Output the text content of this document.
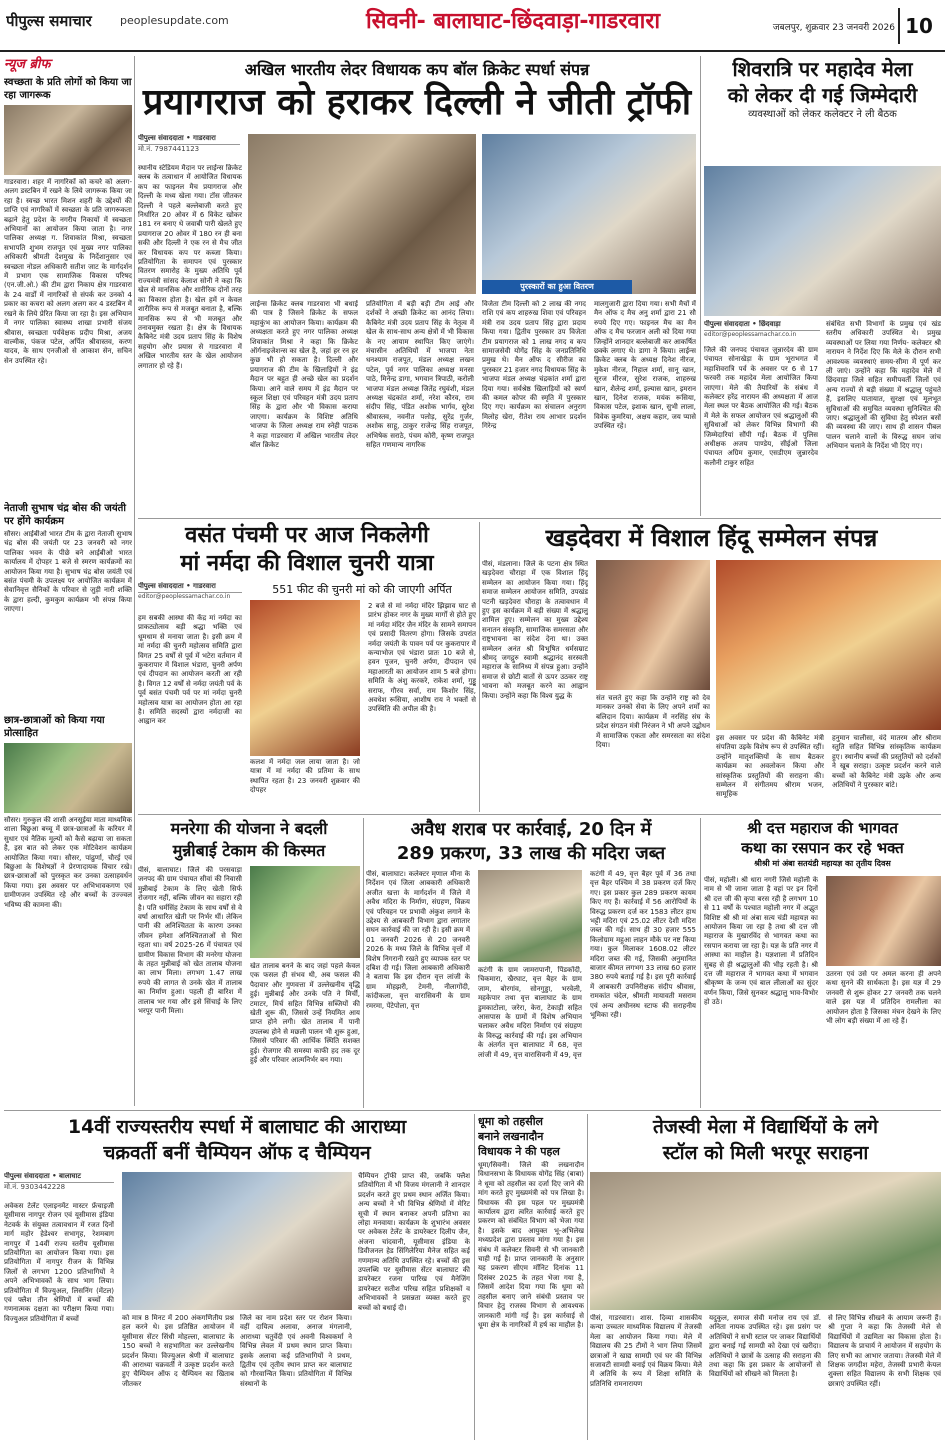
पीपुल्स समाचार	peoplesupdate.com	सिवनी- बालाघाट-छिंदवाड़ा-गाडरवारा	जबलपुर, शुक्रवार 23 जनवरी 2026 10
न्यूज ब्रीफ
स्वच्छता के प्रति लोगों को किया जा रहा जागरूक
गाडरवारा। शहर में नागरिकों को कचरे को अलग-अलग डस्टबिन में रखने के लिये जागरूक किया जा रहा है। स्वच्छ भारत मिशन शहरी के उद्देश्यों की प्राप्ति एवं नागरिकों में स्वच्छता के प्रति जागरूकता बढ़ाने हेतु प्रदेश के नगरीय निकायों में स्वच्छता अभियानों का आयोजन किया जाता है। नगर पालिका अध्यक्ष ग. शिवाकांत मिश्रा, स्वच्छता सभापति शुभम राजपूत एवं मुख्य नगर पालिका अधिकारी श्रीमती देशमुख के निर्देशानुसार एवं स्वच्छता नोडल अधिकारी सतीश जाट के मार्गदर्शन में प्रभाग एक सामाजिक विकास परिषद (एन.जी.ओ.) की टीम द्वारा निकाय क्षेत्र गाडरवारा के 24 वार्डों में नागरिकों से संपर्क कर उनको 4 प्रकार का कचरा को अलग अलग कर 4 डस्टबिन में रखने के लिये प्रेरित किया जा रहा है। इस अभियान में नगर पालिका स्वास्थ्य शाखा प्रभारी संजय श्रीवास, स्वच्छता पर्यवेक्षक प्रदीप मिश्रा, अजय वाल्मीक, पंकज पटेल, अर्पित श्रीवास्तव, करण यादव, के साथ एनजीओ से आकाश सेन, सचिन सेन उपस्थित रहे।
नेताजी सुभाष चंद्र बोस की जयंती पर होंगे कार्यक्रम
सौसर। आईबीओ भारत टीम के द्वारा नेताजी सुभाष चंद्र बोस की जयंती पर 23 जनवरी को नगर पालिका भवन के पीछे बने आईबीओ भारत कार्यालय में दोपहर 1 बजे से स्मरण कार्यक्रमों का आयोजन किया गया है। सुभाष चंद्र बोस जयंती एवं बसंत पंचमी के उपलक्ष्य पर आयोजित कार्यक्रम में सेवानिवृत्त सैनिकों के परिवार से जुड़ी नारी शक्ति के द्वारा हल्दी, कुमकुम कार्यक्रम भी संपन्न किया जाएगा।
छात्र-छात्राओं को किया गया प्रोत्साहित
सौसर। गुरुकुल की शासी अनसूईया माता माध्यमिक शाला बिछुआ बच्चू में छात्र-छात्राओं के करियर में सुधार एवं नैतिक मूल्यों को कैसे बढ़ाया जा सकता है, इस बात को लेकर एक मोटिवेशन कार्यक्रम आयोजित किया गया। सौसर, पांढुर्णा, चौरई एवं बिछुआ के विशेषज्ञों ने प्रेरणादायक विचार रखे। छात्र-छात्राओं को पुरस्कृत कर उनका उत्साहवर्धन किया गया। इस अवसर पर अभिभावकगण एवं ग्रामीणजन उपस्थित रहे और बच्चों के उज्ज्वल भविष्य की कामना की।
अखिल भारतीय लेदर विधायक कप बॉल क्रिकेट स्पर्धा संपन्न
प्रयागराज को हराकर दिल्ली ने जीती ट्रॉफी
पीपुल्स संवाददाता • गाडरवारा
मो.नं. 7987441123
पुरस्कारों का हुआ वितरण
स्थानीय स्टेडियम मैदान पर लाईन्स क्रिकेट क्लब के तत्वाधान में आयोजित विधायक कप का फाइनल मैच प्रयागराज और दिल्ली के मध्य खेला गया। टॉस जीतकर दिल्ली ने पहले बल्लेबाजी करते हुए निर्धारित 20 ओवर में 6 विकेट खोकर 181 रन बनाए थे जवाबी पारी खेलते हुए प्रयागराज 20 ओवर में 180 रन ही बना सकी और दिल्ली ने एक रन से मैच जीत कर विधायक कप पर कब्जा किया। प्रतियोगिता के समापन एवं पुरस्कार वितरण समारोह के मुख्य अतिथि पूर्व राज्यमंत्री सांसद केलाश सोनी ने कहा कि खेल से मानसिक और शारीरिक दोनों तरह का विकास होता है। खेल हमें न केवल शारीरिक रूप से मजबूत बनाता है, बल्कि मानसिक रूप से भी मजबूत और तनावमुक्त रखता है। क्षेत्र के विधायक कैबिनेट मंत्री उदय प्रताप सिंह के विशेष सहयोग और प्रयास से गाडरवारा में अखिल भारतीय स्तर के खेल आयोजन लगातार हो रहे हैं।
लाईन्स क्रिकेट क्लब गाडरवारा भी बधाई की पात्र है जिसने क्रिकेट के सफल महाकुंभ का आयोजन किया। कार्यक्रम की अध्यक्षता करते हुए नगर पालिका अध्यक्ष शिवाकांत मिश्रा ने कहा कि क्रिकेट ऑर्गनाइजेशन्स का खेल है, जहां हर रन हर कुछ भी हो सकता है। दिल्ली और प्रयागराज की टीम के खिलाड़ियों ने इंद्र मैदान पर बहुत ही अच्छे खेल का प्रदर्शन किया। आने वाले समय में इंद्र मैदान पर स्कूल शिक्षा एवं परिवहन मंत्री उदय प्रताप सिंह के द्वारा और भी विकास कराया जाएगा। कार्यक्रम के विशिष्ट अतिथि भाजपा के जिला अध्यक्ष राम स्नेही पाठक ने कहा गाडरवारा में अखिल भारतीय लेदर बॉल क्रिकेट
प्रतियोगिता में बड़ी बड़ी टीम आई और दर्शकों ने अच्छी क्रिकेट का आनंद लिया। कैबिनेट मंत्री उदय प्रताप सिंह के नेतृत्व में खेल के साथ-साथ अन्य क्षेत्रों में भी विकास के नए आयाम स्थापित किए जाएंगे। मंचासीन अतिथियों में भाजपा नेता धनश्याम राजपूत, मंडल अध्यक्ष लखन पटेल, पूर्व नगर पालिका अध्यक्ष मनसा पाठे, मिनेन्द्र डागा, भगवान त्रिपाठी, करोली भाजपा मंडल अध्यक्ष जितेंद्र रघुवंशी, मंडल अध्यक्ष चंद्रकांत शर्मा, नरेश कौरव, राम संदीप सिंह, पंडित अशोक भार्गव, सुरेश श्रीवास्तव, नवनीत पलोड़, सुरेंद्र गुर्जर, अशोक साहू, ठाकुर राजेन्द्र सिंह राजपूत, अभिषेक सराठे, पंचम कोरी, कृष्ण राजपूत सहित गणमान्य नागरिक
विजेता टीम दिल्ली को 2 लाख की नगद राशि एवं कप शाहरुख शिवा एवं परिवहन मंत्री राव उदय प्रताप सिंह द्वारा प्रदाय किया गया। द्वितीय पुरस्कार उप विजेता टीम प्रयागराज को 1 लाख नगद व कप सामाजसेवी योगेंद्र सिंह के जनप्रतिनिधि प्रमुख थे। मैन ऑफ द सीरीज का पुरस्कार 21 हजार नगद विधायक सिंह के भाजपा मंडल अध्यक्ष चंद्रकांत शर्मा द्वारा दिया गया। सर्वश्रेष्ठ खिलाड़ियों को स्वर्ण की कमल कोपर की स्मृति में पुरस्कार दिए गए। कार्यक्रम का संचालन अनुराग मिलोह खेरा, रीतेश राय आभार प्रदर्शन गिरेन्द्र
मालगुजारी द्वारा दिया गया। सभी मैचों में मैन ऑफ द मैच अनु शर्मा द्वारा 21 सौ रुपये दिए गए। फाइनल मैच का मैन ऑफ द मैच फरजान अली को दिया गया जिन्होंने शानदार बल्लेबाजी कर आकर्षित छक्के लगाए थे। डागा ने किया। लाईन्स क्रिकेट क्लब के अध्यक्ष दिनेश नीरज, मुकेश नीरज, निहाल शर्मा, सानू खान, सूरज मीरज, सुरेश राजक, शाहरुख खान, शैलेन्द्र शर्मा, इल्यास खान, इमरान खान, दिनेश राजक, मयंक रूसिया, विकास पटेल, इशाक खान, सुभी लाला, विवेक कुमरिया, अक्षय कहार, जय प्यासे उपस्थित रहे।
शिवरात्रि पर महादेव मेला
को लेकर दी गई जिम्मेदारी
व्यवस्थाओं को लेकर कलेक्टर ने ली बैठक
पीपुल्स संवाददाता • छिंदवाड़ा
editor@peoplessamachar.co.in
जिले की जनपद पंचायत जुन्नारदेव की ग्राम पंचायत सोनाखेड़ा के ग्राम भूराभगत में महाशिवरात्रि पर्व के अवसर पर 6 से 17 फरवरी तक महादेव मेला आयोजित किया जाएगा। मेले की तैयारियों के संबंध में कलेक्टर हरेंद्र नारायन की अध्यक्षता में आज मेला स्थल पर बैठक आयोजित की गई। बैठक में मेले के सफल आयोजन एवं श्रद्धालुओं की सुविधाओं को लेकर विभिन्न विभागों की जिम्मेदारियां सौंपी गईं। बैठक में पुलिस अधीक्षक अजय पाण्डेय, सीईओ जिला पंचायत अग्रिम कुमार, एसडीएम जुन्नारदेव कलौनी टाकुर सहित
संबंधित सभी विभागों के प्रमुख एवं खंड स्तरीय अधिकारी उपस्थित थे। प्रमुख व्यवस्थाओं पर लिया गया निर्णय- कलेक्टर श्री नारायन ने निर्देश दिए कि मेले के दौरान सभी आवश्यक व्यवस्थाएं समय-सीमा में पूर्ण कर ली जाएं। उन्होंने कहा कि महादेव मेले में छिंदवाड़ा जिले सहित समीपवर्ती जिलों एवं अन्य राज्यों से बड़ी संख्या में श्रद्धालु पहुंचते हैं, इसलिए यातायात, सुरक्षा एवं मूलभूत सुविधाओं की समुचित व्यवस्था सुनिश्चित की जाए। श्रद्धालुओं की सुविधा हेतु स्पेशल बसों की व्यवस्था की जाए। साथ ही शासन पीबल पालन चलाने वालों के विरुद्ध सघन जांच अभियान चलाने के निर्देश भी दिए गए।
वसंत पंचमी पर आज निकलेगी
मां नर्मदा की विशाल चुनरी यात्रा
पीपुल्स संवाददाता • गाडरवारा
editor@peoplessamachar.co.in
551 फीट की चुनरी मां को की जाएगी अर्पित
हम सबकी आस्था की केंद्र मां नर्मदा का प्राकट्योत्सव बड़ी श्रद्धा भक्ति एवं धूमधाम से मनाया जाता है। इसी क्रम में मां नर्मदा की चुनरी महोत्सव समिति द्वारा विगत 25 वर्षों से पूर्व में भटेरा वर्तमान में कुकरापार में विशाल भंडारा, चुनरी अर्पण एवं दीपदान का आयोजन करती आ रही है। विगत 12 वर्षों से नर्मदा जयंती पर्व के पूर्व बसंत पंचमी पर्व पर मां नर्मदा चुनरी महोत्सव यात्रा का आयोजन होता आ रहा है। समिति सदस्यों द्वारा नर्मदाजी का आह्वान कर
कलश में नर्मदा जल लाया जाता है। जो यात्रा में मां नर्मदा की प्रतिमा के साथ स्थापित रहता है। 23 जनवरी शुक्रवार की दोपहर
2 बजे से मां नर्मदा मंदिर झिझाव घाट से प्रारंभ होकर नगर के मुख्य मार्गों से होते हुए मां नर्मदा मंदिर जैन मंदिर के सामने समापन एवं प्रसादी वितरण होगा। जिसके उपरांत नर्मदा जयंती के पावन पर्व पर कुकरापार में कन्याभोज एवं भंडारा प्रातः 10 बजे से, हवन पूजन, चुनरी अर्पण, दीपदान एवं महाआरती का आयोजन शाम 5 बजे होगा। समिति के अंशु करकरे, राकेश शर्मा, गुड्डू सराफ, गौरव सर्वा, राम किशोर सिंह, अवधेश रूसिया, आशीष राय ने भक्तों से उपस्थिति की अपील की है।
खड़देवरा में विशाल हिंदू सम्मेलन संपन्न
पीसं, मंडलाना। जिले के पटना क्षेत्र स्थित खड़देवरा चौराहा में एक विशाल हिंदू सम्मेलन का आयोजन किया गया। हिंदू समाज सम्मेलन आयोजन समिति, उपखंड पटनी खड़देवरा चौराहा के तत्वावधान में हुए इस कार्यक्रम में बड़ी संख्या में श्रद्धालु शामिल हुए। सम्मेलन का मुख्य उद्देश्य सनातन संस्कृति, सामाजिक समरसता और राष्ट्रभावना का संदेश देना था। उक्त सम्मेलन अनंत श्री विभूषित धर्मसम्राट श्रीमद् जगद्गुरु स्वामी श्रद्धानंद सरस्वती महाराज के सानिध्य में संपन्न हुआ। उन्होंने समाज से छोटी बातों से ऊपर उठकर राष्ट्र भावना को मजबूत करने का आह्वान किया। उन्होंने कहा कि विश्व युद्ध के	संत चलते हुए कहा कि उन्होंने राष्ट्र को देव मानकर उनको सेवा के लिए अपने शर्मों का बलिदान दिया। कार्यक्रम में नरसिंह संघ के प्रदेश संगठन मंत्री निरंजन ने भी अपने उद्बोधन में सामाजिक एकता और समरसता का संदेश दिया।
इस अवसर पर प्रदेश की कैबिनेट मंत्री संपतिया उइके विशेष रूप से उपस्थित रहीं। उन्होंने मातृशक्तियों के साथ बैठकर कार्यक्रम का अवलोकन किया और सांस्कृतिक प्रस्तुतियों की सराहना की। सम्मेलन में संगीतमय श्रीराम भजन, सामूहिक
हनुमान चालीसा, वंदे मातरम और श्रीराम स्तुति सहित विभिन्न सांस्कृतिक कार्यक्रम हुए। स्थानीय बच्चों की प्रस्तुतियों को दर्शकों ने खूब सराहा। उत्कृष्ट प्रदर्शन करने वाले बच्चों को कैबिनेट मंत्री उइके और अन्य अतिथियों ने पुरस्कार बांटे।
मनरेगा की योजना ने बदली
मुन्नीबाई टेकाम की किस्मत
पीसं, बालाघाट। जिले की परसवाड़ा जनपद की ग्राम पंचायत सीवां की निवासी मुन्नीबाई टेकाम के लिए खेती सिर्फ रोजगार नहीं, बल्कि जीवन का सहारा रही है। पति धर्मसिंह टेकाम के साथ वर्षों से वे वर्षा आधारित खेती पर निर्भर थीं। लेकिन पानी की अनिश्चितता के कारण उनका जीवन हमेशा अनिश्चितताओं से घिरा रहता था। वर्ष 2025-26 में पंचायत एवं ग्रामीण विकास विभाग की मनरेगा योजना के तहत मुन्नीबाई को खेत तालाब योजना का लाभ मिला। लगभग 1.47 लाख रुपये की लागत से उनके खेत में तालाब का निर्माण हुआ। पहली ही बारिश में तालाब भर गया और इसे सिंचाई के लिए भरपूर पानी मिला।
खेत तालाब बनने के बाद जहां पहले केवल एक फसल ही संभव थी, अब फसल की पैदावार और गुणवत्ता में उल्लेखनीय वृद्धि हुई। मुन्नीबाई और उनके पति ने मिर्ची, टमाटर, मिर्च सहित विभिन्न सब्जियों की खेती शुरू की, जिससे उन्हें नियमित आय प्राप्त होने लगी। खेत तालाब में पानी उपलब्ध होने से मछली पालन भी शुरू हुआ, जिससे परिवार की आर्थिक स्थिति सशक्त हुई। रोजगार की समस्या काफी हद तक दूर हुई और परिवार आत्मनिर्भर बन गया।
अवैध शराब पर कार्रवाई, 20 दिन में
289 प्रकरण, 33 लाख की मदिरा जब्त
पीसं, बालाघाट। कलेक्टर मृणाल मीना के निर्देशन एवं जिला आबकारी अधिकारी अजीत खत्ता के मार्गदर्शन में जिले में अवैध मदिरा के निर्माण, संग्रहण, विक्रय एवं परिवहन पर प्रभावी अंकुश लगाने के उद्देश्य से आबकारी विभाग द्वारा लगातार सघन कार्रवाई की जा रही है। इसी क्रम में 01 जनवरी 2026 से 20 जनवरी 2026 के मध्य जिले के विभिन्न वृत्तों में विशेष निगरानी रखते हुए व्यापक स्तर पर दबिश दी गई। जिला आबकारी अधिकारी ने बताया कि इस दौरान वृत्त लांजी के ग्राम मोहझरी, टेमनी, नीलागोंदी, कांदीकला, वृत्त वारासिवनी के ग्राम रमरमा, पेंटेपोला, वृत्त
कटंगी के ग्राम जामरापानी, पिंडकोंदी, चिकमारा, खैरघाट, वृत्त बैहर के ग्राम जाम, बोरगांव, सोनगुड्डा, भरवेली, महकेपार तथा वृत्त बालाघाट के ग्राम डुमकाटोला, जरेरा, केरा, टेकाड़ी सहित आसपास के ग्रामों में विशेष अभियान चलाकर अवैध मदिरा निर्माण एवं संग्रहण के विरुद्ध कार्रवाई की गई। इस अभियान के अंतर्गत वृत्त बालाघाट में 68, वृत्त लांजी में 49, वृत्त वारासिवनी में 49, वृत्त
कटंगी में 49, वृत्त बैहर पूर्व में 36 तथा वृत्त बैहर पश्चिम में 38 प्रकरण दर्ज किए गए। इस प्रकार कुल 289 प्रकरण कायम किए गए हैं। कार्रवाई में 56 आरोपियों के विरुद्ध प्रकरण दर्ज कर 1583 लीटर हाथ भट्टी मदिरा एवं 25.02 लीटर देशी मदिरा जब्त की गई। साथ ही 30 हजार 555 किलोग्राम महुआ लाहन मौके पर नष्ट किया गया। कुल मिलाकर 1608.02 लीटर मदिरा जब्त की गई, जिसकी अनुमानित बाजार कीमत लगभग 33 लाख 60 हजार 380 रुपये बताई गई है। इस पूरी कार्रवाई में आबकारी उपनिरीक्षक संदीप श्रीवास, रामकांत चंदेल, श्रीमती मायावती मसराम एवं अन्य अधीनस्थ स्टाफ की सराहनीय भूमिका रही।
श्री दत्त महाराज की भागवत
कथा का रसपान कर रहे भक्त
श्रीश्री मां अंबा सतयंडी महायज्ञ का तृतीय दिवस
पीसं, महोली। श्री धारा नगरी जिसे महोली के नाम से भी जाना जाता है वहां पर इन दिनों श्री दत्त जी की कृपा बरस रही है लगभग 10 से 11 वर्षों के पश्चात महोली नगर में अद्भुत विशिष्ट श्री श्री मां अंबा सत्य चंडी महायज्ञ का आयोजन किया जा रहा है तथा श्री दत्त जी महाराज के मुखारविंद से भागवत कथा का रसपान कराया जा रहा है। यज्ञ के प्रति नगर में आस्था का माहौल है। यज्ञशाला में प्रतिदिन सुबह से ही श्रद्धालुओं की भीड़ रहती है। श्री दत्त जी महाराज ने भागवत कथा में भगवान श्रीकृष्ण के जन्म एवं बाल लीलाओं का सुंदर वर्णन किया, जिसे सुनकर श्रद्धालु भाव-विभोर हो उठे।
उतरना एवं उसे पर अमल करना ही अपने कथा सुनने की सार्थकता है। इस यज्ञ में 29 जनवरी से शुरू होकर 27 जनवरी तक चलने वाले इस यज्ञ में प्रतिदिन रामलीला का आयोजन होता है जिसका मंचन देखने के लिए भी लोग बड़ी संख्या में आ रहे हैं।
14वीं राज्यस्तरीय स्पर्धा में बालाघाट की आराध्या
चक्रवर्ती बनीं चैम्पियन ऑफ द चैम्पियन
पीपुल्स संवाददाता • बालाघाट
मो.नं. 9303442228
अवेकस टेलेंट एलाइनमेंट मास्टर फ्रेंचाइजी यूसीमास नागपुर रोजन एवं यूसीमास इंडिया नेटवर्क के संयुक्त तत्वावधान में रजत दिनों मार्ग महोर हेडेश्वर सभागृह, रेशमबाग नागपुर में 14वीं राज्य स्तरीय यूसीमास प्रतियोगिता का आयोजन किया गया। इस प्रतियोगिता में नागपुर रीजन के विभिन्न जिलों से लगभग 1200 प्रतिभागियों ने अपने अभिभावकों के साथ भाग लिया। प्रतियोगिता में विज्युअल, लिसनिंग (मेंटल) एवं फ्लैश तीन श्रेणियों में बच्चों की गणनात्मक दक्षता का परीक्षण किया गया। विज्युअल प्रतियोगिता में बच्चों	को मात्र 8 मिनट में 200 अंकगणितीय प्रश्न हल करने थे। इस प्रतिष्ठित आयोजन में यूसीमास सेंटर सिंधी मोहल्ला, बालाघाट के 150 बच्चों ने सहभागिता कर उल्लेखनीय प्रदर्शन किया। विज्युअल श्रेणी में बालाघाट की आराध्या चक्रवर्ती ने उत्कृष्ट प्रदर्शन करते हुए चैम्पियन ऑफ द चैम्पियन का खिताब जीतकर
जिले का नाम प्रदेश स्तर पर रोशन किया। वहीं दायित्व अलावा, अनाज मंगलानी, आराध्या चतुर्वेदी एवं अवनी विश्वकर्मा ने विभिन्न लेवल में प्रथम स्थान प्राप्त किया। इसके अलावा कई प्रतिभागियों ने प्रथम, द्वितीय एवं तृतीय स्थान प्राप्त कर बालाघाट को गौरवान्वित किया। प्रतियोगिता में विभिन्न संस्थानों के
चैम्पियन ट्रॉफी प्राप्त की, जबकि फ्लैश प्रतियोगिता में भी विजय मंगलानी ने शानदार प्रदर्शन करते हुए प्रथम स्थान अर्जित किया। अन्य बच्चों ने भी विभिन्न श्रेणियों में मेरिट सूची में स्थान बनाकर अपनी प्रतिभा का लोहा मनवाया। कार्यक्रम के शुभारंभ अवसर पर अवेकस टेलेंट के डायरेक्टर दिलीप जैन, अंजना चांदवानी, यूसीमास इंडिया के डिवीजनल हेड सिंगिलेरिया मैनेज सहित कई गणमान्य अतिथि उपस्थित रहे। बच्चों की इस उपलब्धि पर यूसीमास सेंटर बालाघाट की डायरेक्टर रजना पारिख एवं मैनेजिंग डायरेक्टर सतीश परिख सहित प्रशिक्षकों व अभिभावकों ने प्रसन्नता व्यक्त करते हुए बच्चों को बधाई दी।
धूमा को तहसील
बनाने लखनादौन
विधायक ने की पहल
धूमा/सिवनी। जिले की लखनादौन विधानसभा के विधायक योगेंद्र सिंह (बाबा) ने धूमा को तहसील का दर्जा दिए जाने की मांग करते हुए मुख्यमंत्री को पत्र लिखा है। विधायक की इस पहल पर मुख्यमंत्री कार्यालय द्वारा त्वरित कार्रवाई करते हुए प्रकरण को संबंधित विभाग को भेजा गया है। इसके बाद आयुक्त भू-अभिलेख मध्यप्रदेश द्वारा प्रस्ताव मांगा गया है। इस संबंध में कलेक्टर सिवनी से भी जानकारी चाही गई है। प्राप्त जानकारी के अनुसार यह प्रकरण सीएम मॉनिट दिनांक 11 दिसंबर 2025 के तहत भेजा गया है, जिसमें आदेश दिया गया कि धूमा को तहसील बनाए जाने संबंधी प्रस्ताव पर विचार हेतु राजस्व विभाग से आवश्यक जानकारी मांगी गई है। इस कार्रवाई से धूमा क्षेत्र के नागरिकों में हर्ष का माहौल है।
तेजस्वी मेला में विद्यार्थियों के लगे
स्टॉल को मिली भरपूर सराहना
पीसं, गाडरवारा। शास. दिव्या शासकीय कन्या उच्चतर माध्यमिक विद्यालय में तेजस्वी मेला का आयोजन किया गया। मेले में विद्यालय की 25 टीमों ने भाग लिया जिसमें छात्राओं ने खाद्य सामग्री एवं घर की विभिन्न सजावटी सामग्री बनाई एवं विक्रय किया। मेले में अतिथि के रूप में शिक्षा समिति के प्रतिनिधि रामनारायण
यदुकुल, समाज सेवी मनोज राय एवं डॉ. अनिता नायक उपस्थित रहे। इस प्रसंग पर अतिथियों ने सभी स्टाल पर जाकर विद्यार्थियों द्वारा बनाई गई सामग्री को देखा एवं खरीदा। अतिथियों ने छात्रों के उत्साह की सराहना की तथा कहा कि इस प्रकार के आयोजनों से विद्यार्थियों को सीखने को मिलता है।
से लिए विभिन्न सीखने के आयाम जरूरी हैं। श्री गुप्ता ने कहा कि तेजस्वी मेले से विद्यार्थियों में उद्यमिता का विकास होता है। विद्यालय के प्राचार्य ने आयोजन में सहयोग के लिए सभी का आभार जताया। तेजस्वी मेले में शिक्षक जगदीश महेरा, तेजस्वी प्रभारी केयल शुक्ला सहित विद्यालय के सभी शिक्षक एवं छात्राएं उपस्थित रहीं।
